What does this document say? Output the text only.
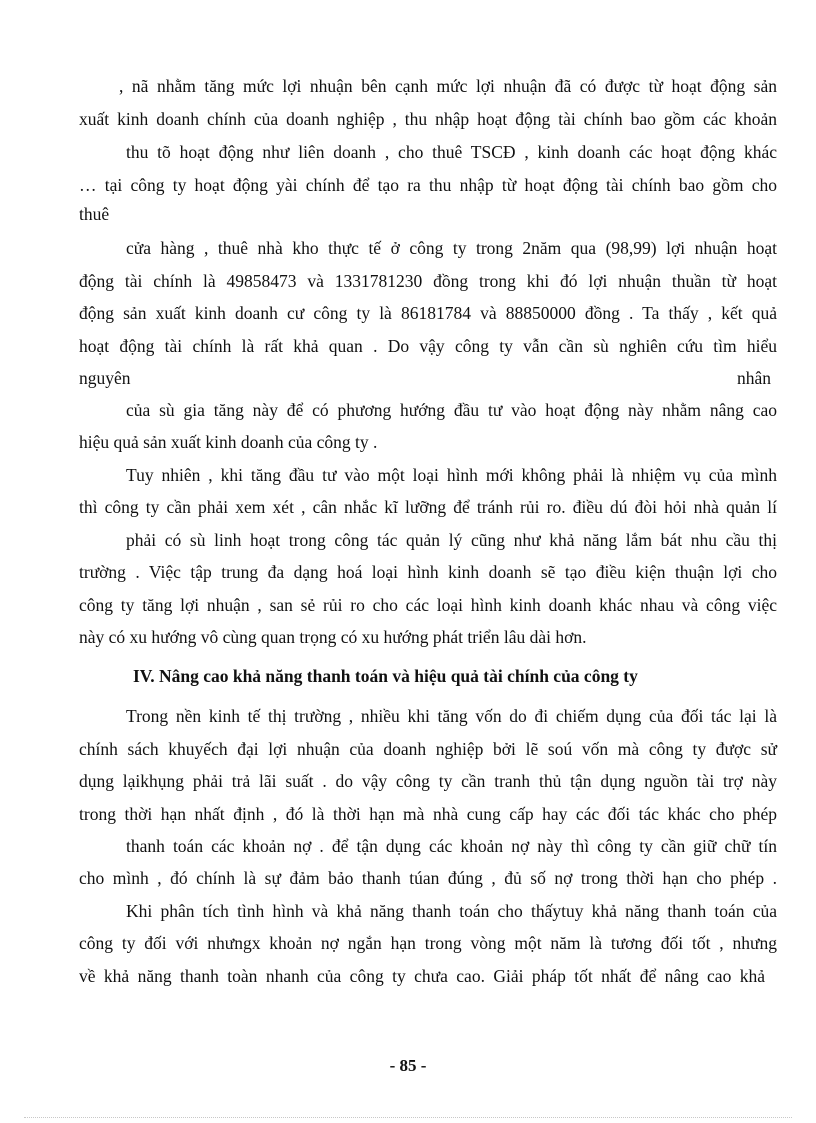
, nã nhằm tăng mức lợi nhuận bên cạnh mức lợi nhuận đã có được từ hoạt động sản
xuất kinh doanh chính của doanh nghiệp , thu nhập hoạt động tài chính bao gồm các khoản
thu tõ hoạt động như liên doanh , cho thuê TSCĐ , kinh doanh các hoạt động khác
… tại công ty hoạt động yài chính để tạo ra thu nhập từ hoạt động tài chính bao gồm cho
thuê
cửa hàng , thuê nhà kho thực tế ở công ty trong 2năm qua (98,99) lợi nhuận hoạt
động tài chính là 49858473 và 1331781230 đồng trong khi đó lợi nhuận thuần từ hoạt
động sản xuất kinh doanh cư công ty là 86181784 và 88850000 đồng . Ta thấy , kết quả
hoạt động tài chính là rất khả quan . Do vậy công ty vẫn cần sù nghiên cứu tìm hiểu
nguyên	nhân
của sù gia tăng này để có phương hướng đầu tư vào hoạt động này nhằm nâng cao
hiệu quả sản xuất kinh doanh của công ty .
Tuy nhiên , khi tăng đầu tư vào một loại hình mới không phải là nhiệm vụ của mình
thì công ty cần phải xem xét , cân nhắc kĩ lưỡng để tránh rủi ro. điều dú đòi hỏi nhà quản lí
phải có sù linh hoạt trong công tác quản lý cũng như khả năng lắm bát nhu cầu thị
trường . Việc tập trung đa dạng hoá loại hình kinh doanh sẽ tạo điều kiện thuận lợi cho
công ty tăng lợi nhuận , san sẻ rủi ro cho các loại hình kinh doanh khác nhau và công việc
này có xu hướng vô cùng quan trọng có xu hướng phát triển lâu dài hơn.
IV. Nâng cao khả năng thanh toán và hiệu quả tài chính của công ty
Trong nền kinh tế thị trường , nhiều khi tăng vốn do đi chiếm dụng của đối tác lại là
chính sách khuyếch đại lợi nhuận của doanh nghiệp bởi lẽ soú vốn mà công ty được sử
dụng lạikhụng phải trả lãi suất . do vậy công ty cần tranh thủ tận dụng nguồn tài trợ này
trong thời hạn nhất định , đó là thời hạn mà nhà cung cấp hay các đối tác khác cho phép
thanh toán các khoản nợ . để tận dụng các khoản nợ này thì công ty cần giữ chữ tín
cho mình , đó chính là sự đảm bảo thanh túan đúng , đủ số nợ trong thời hạn cho phép .
Khi phân tích tình hình và khả năng thanh toán cho thấytuy khả năng thanh toán của
công ty đối với nhưngx khoản nợ ngắn hạn trong vòng một năm là tương đối tốt , nhưng
về khả năng thanh toàn nhanh của công ty chưa cao. Giải pháp tốt nhất để nâng cao khả
- 85 -
